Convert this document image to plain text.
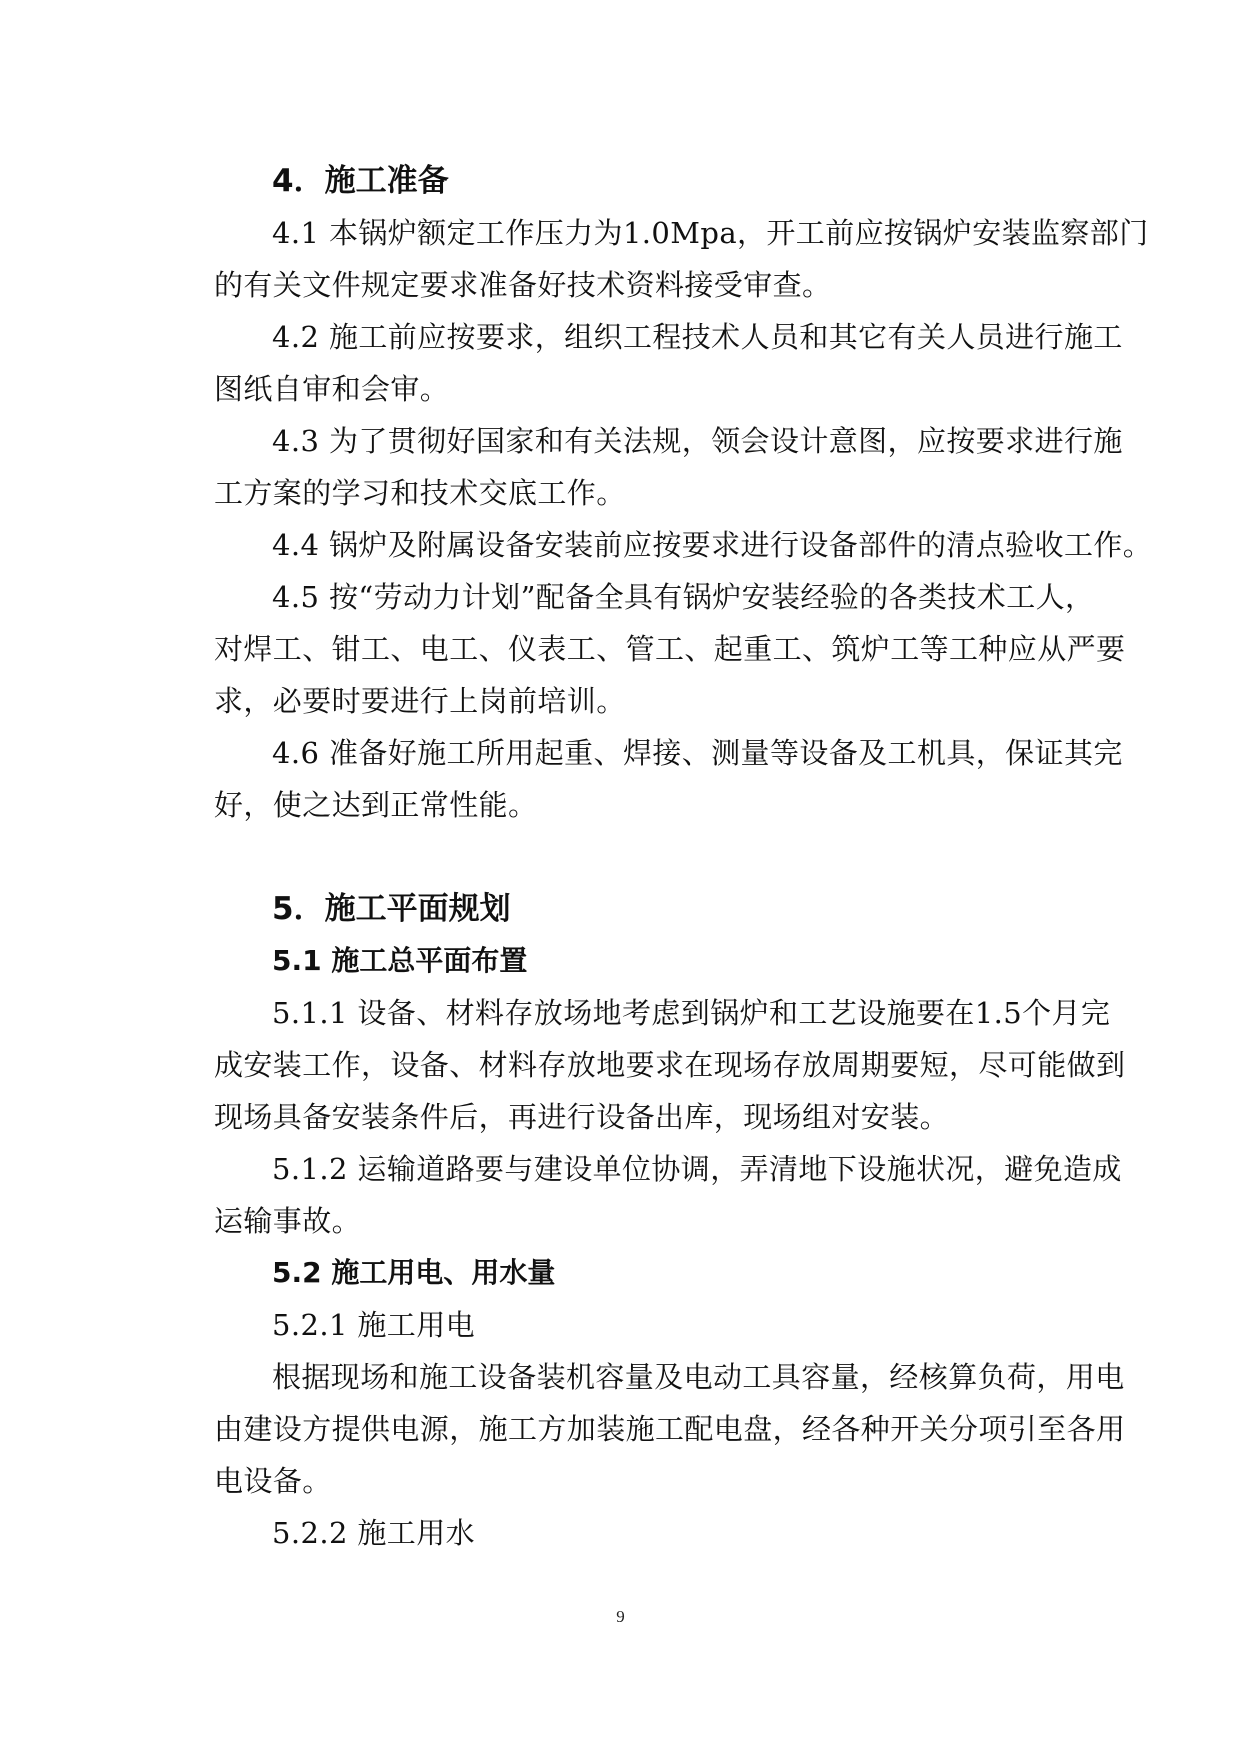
4．施工准备
4.1 本锅炉额定工作压力为1.0Mpa，开工前应按锅炉安装监察部门
的有关文件规定要求准备好技术资料接受审查。
4.2 施工前应按要求，组织工程技术人员和其它有关人员进行施工
图纸自审和会审。
4.3 为了贯彻好国家和有关法规，领会设计意图，应按要求进行施
工方案的学习和技术交底工作。
4.4 锅炉及附属设备安装前应按要求进行设备部件的清点验收工作。
4.5 按“劳动力计划”配备全具有锅炉安装经验的各类技术工人，
对焊工、钳工、电工、仪表工、管工、起重工、筑炉工等工种应从严要
求，必要时要进行上岗前培训。
4.6 准备好施工所用起重、焊接、测量等设备及工机具，保证其完
好，使之达到正常性能。
5．施工平面规划
5.1 施工总平面布置
5.1.1 设备、材料存放场地考虑到锅炉和工艺设施要在1.5个月完
成安装工作，设备、材料存放地要求在现场存放周期要短，尽可能做到
现场具备安装条件后，再进行设备出库，现场组对安装。
5.1.2 运输道路要与建设单位协调，弄清地下设施状况，避免造成
运输事故。
5.2 施工用电、用水量
5.2.1 施工用电
根据现场和施工设备装机容量及电动工具容量，经核算负荷，用电
由建设方提供电源，施工方加装施工配电盘，经各种开关分项引至各用
电设备。
5.2.2 施工用水
9
